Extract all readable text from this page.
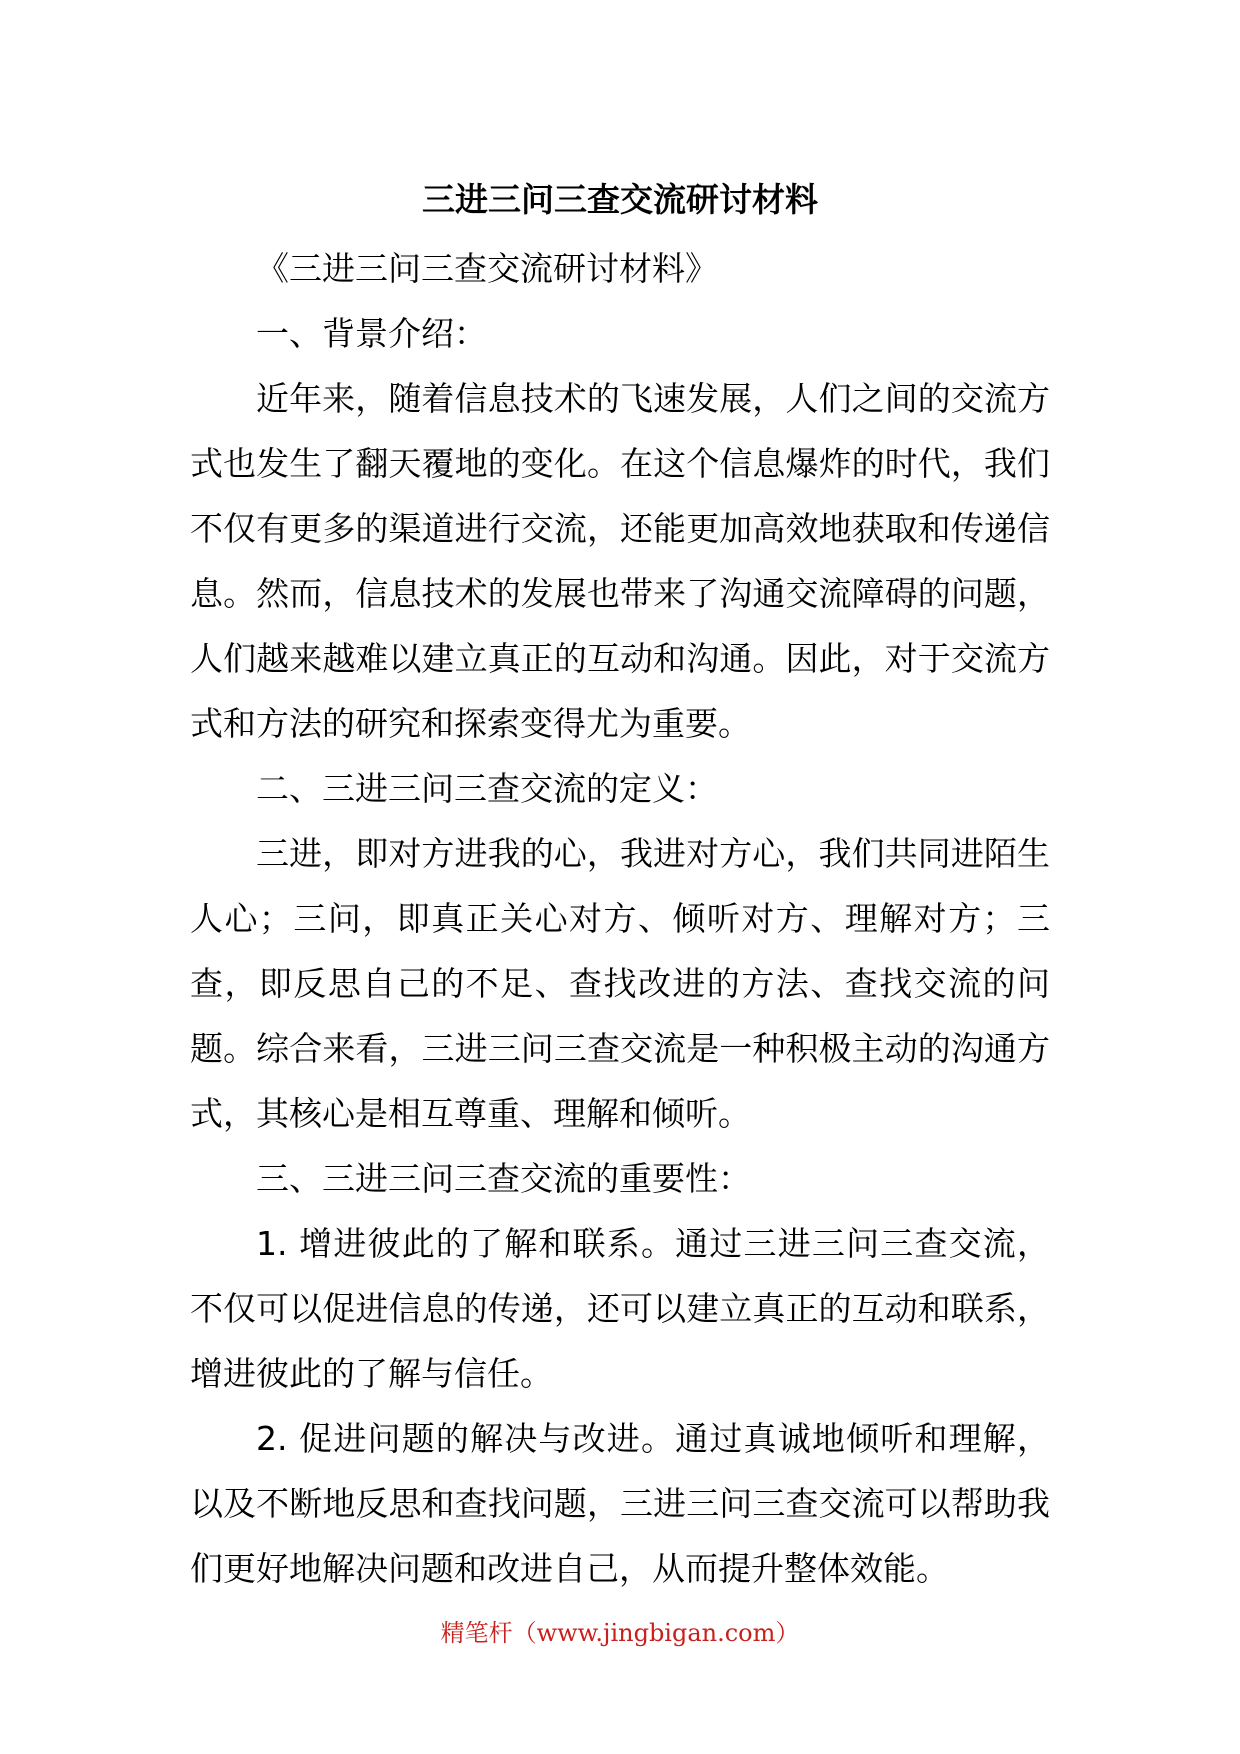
三进三问三查交流研讨材料

《三进三问三查交流研讨材料》

一、背景介绍：

近年来，随着信息技术的飞速发展，人们之间的交流方式也发生了翻天覆地的变化。在这个信息爆炸的时代，我们不仅有更多的渠道进行交流，还能更加高效地获取和传递信息。然而，信息技术的发展也带来了沟通交流障碍的问题，人们越来越难以建立真正的互动和沟通。因此，对于交流方式和方法的研究和探索变得尤为重要。

二、三进三问三查交流的定义：

三进，即对方进我的心，我进对方心，我们共同进陌生人心；三问，即真正关心对方、倾听对方、理解对方；三查，即反思自己的不足、查找改进的方法、查找交流的问题。综合来看，三进三问三查交流是一种积极主动的沟通方式，其核心是相互尊重、理解和倾听。

三、三进三问三查交流的重要性：

1. 增进彼此的了解和联系。通过三进三问三查交流，不仅可以促进信息的传递，还可以建立真正的互动和联系，增进彼此的了解与信任。

2. 促进问题的解决与改进。通过真诚地倾听和理解，以及不断地反思和查找问题，三进三问三查交流可以帮助我们更好地解决问题和改进自己，从而提升整体效能。

精笔杆（www.jingbigan.com）
